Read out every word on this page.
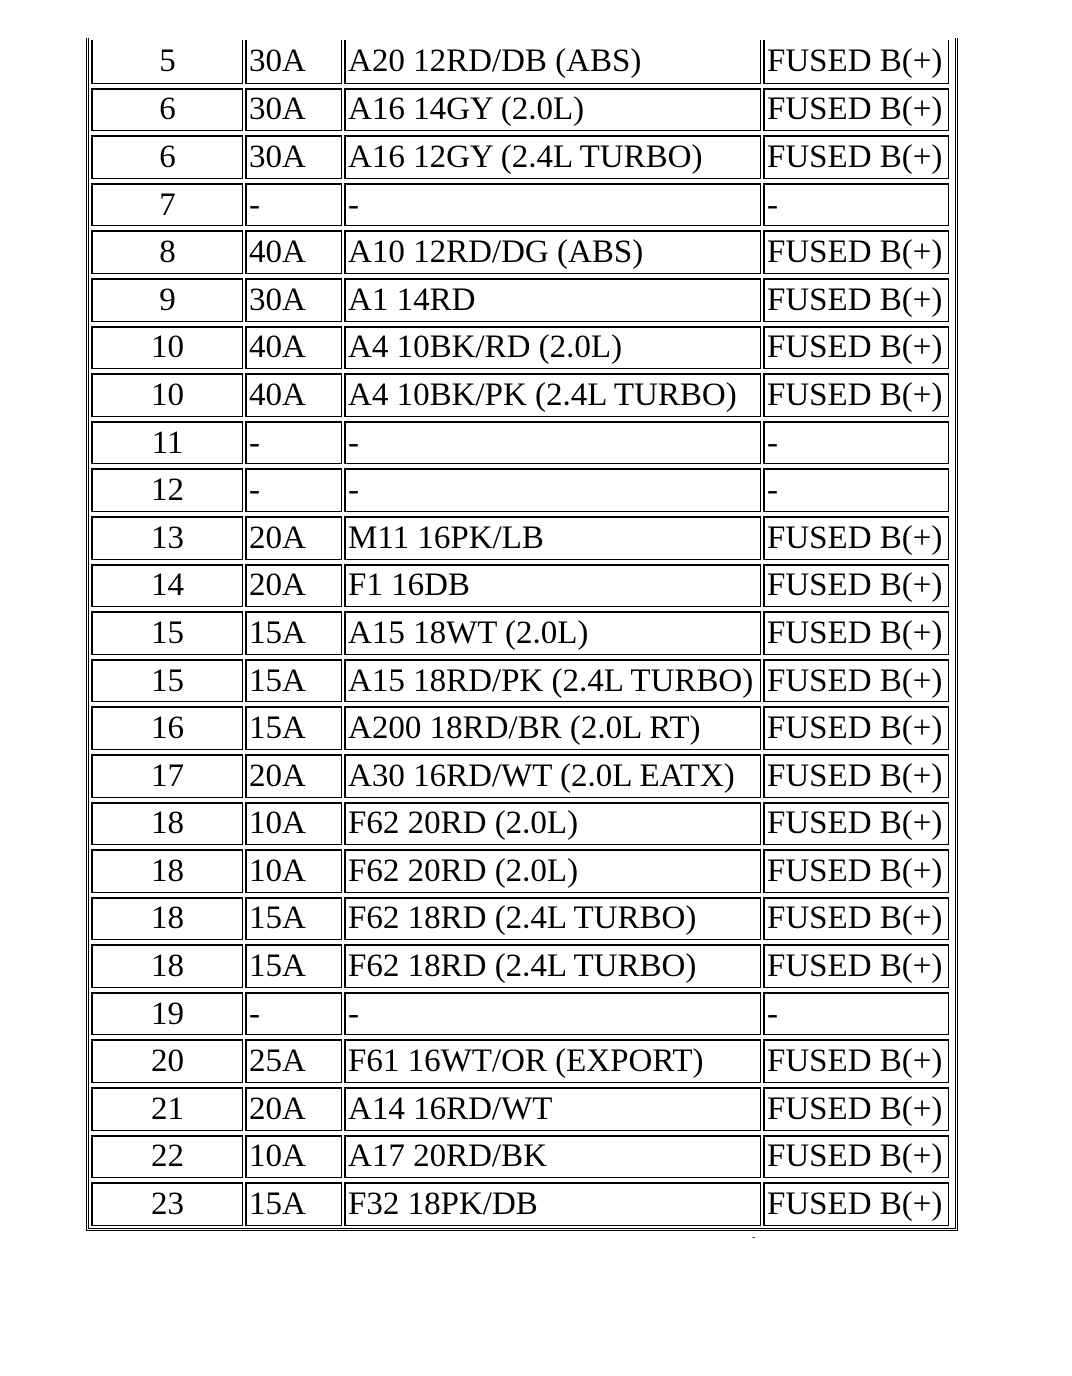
5	30A	A20 12RD/DB (ABS)	FUSED B(+)
6	30A	A16 14GY (2.0L)	FUSED B(+)
6	30A	A16 12GY (2.4L TURBO)	FUSED B(+)
7	-	-	-
8	40A	A10 12RD/DG (ABS)	FUSED B(+)
9	30A	A1 14RD	FUSED B(+)
10	40A	A4 10BK/RD (2.0L)	FUSED B(+)
10	40A	A4 10BK/PK (2.4L TURBO) FUSED B(+)
11	-	-	-
12	-	-	-
13	20A	M11 16PK/LB	FUSED B(+)
14	20A	F1 16DB	FUSED B(+)
15	15A	A15 18WT (2.0L)	FUSED B(+)
15	15A	A15 18RD/PK (2.4L TURBO) FUSED B(+)
16	15A	A200 18RD/BR (2.0L RT)	FUSED B(+)
17	20A	A30 16RD/WT (2.0L EATX) FUSED B(+)
18	10A	F62 20RD (2.0L)	FUSED B(+)
18	10A	F62 20RD (2.0L)	FUSED B(+)
18	15A	F62 18RD (2.4L TURBO)	FUSED B(+)
18	15A	F62 18RD (2.4L TURBO)	FUSED B(+)
19	-	-	-
20	25A	F61 16WT/OR (EXPORT)	FUSED B(+)
21	20A	A14 16RD/WT	FUSED B(+)
22	10A	A17 20RD/BK	FUSED B(+)
23	15A	F32 18PK/DB	FUSED B(+)
-
